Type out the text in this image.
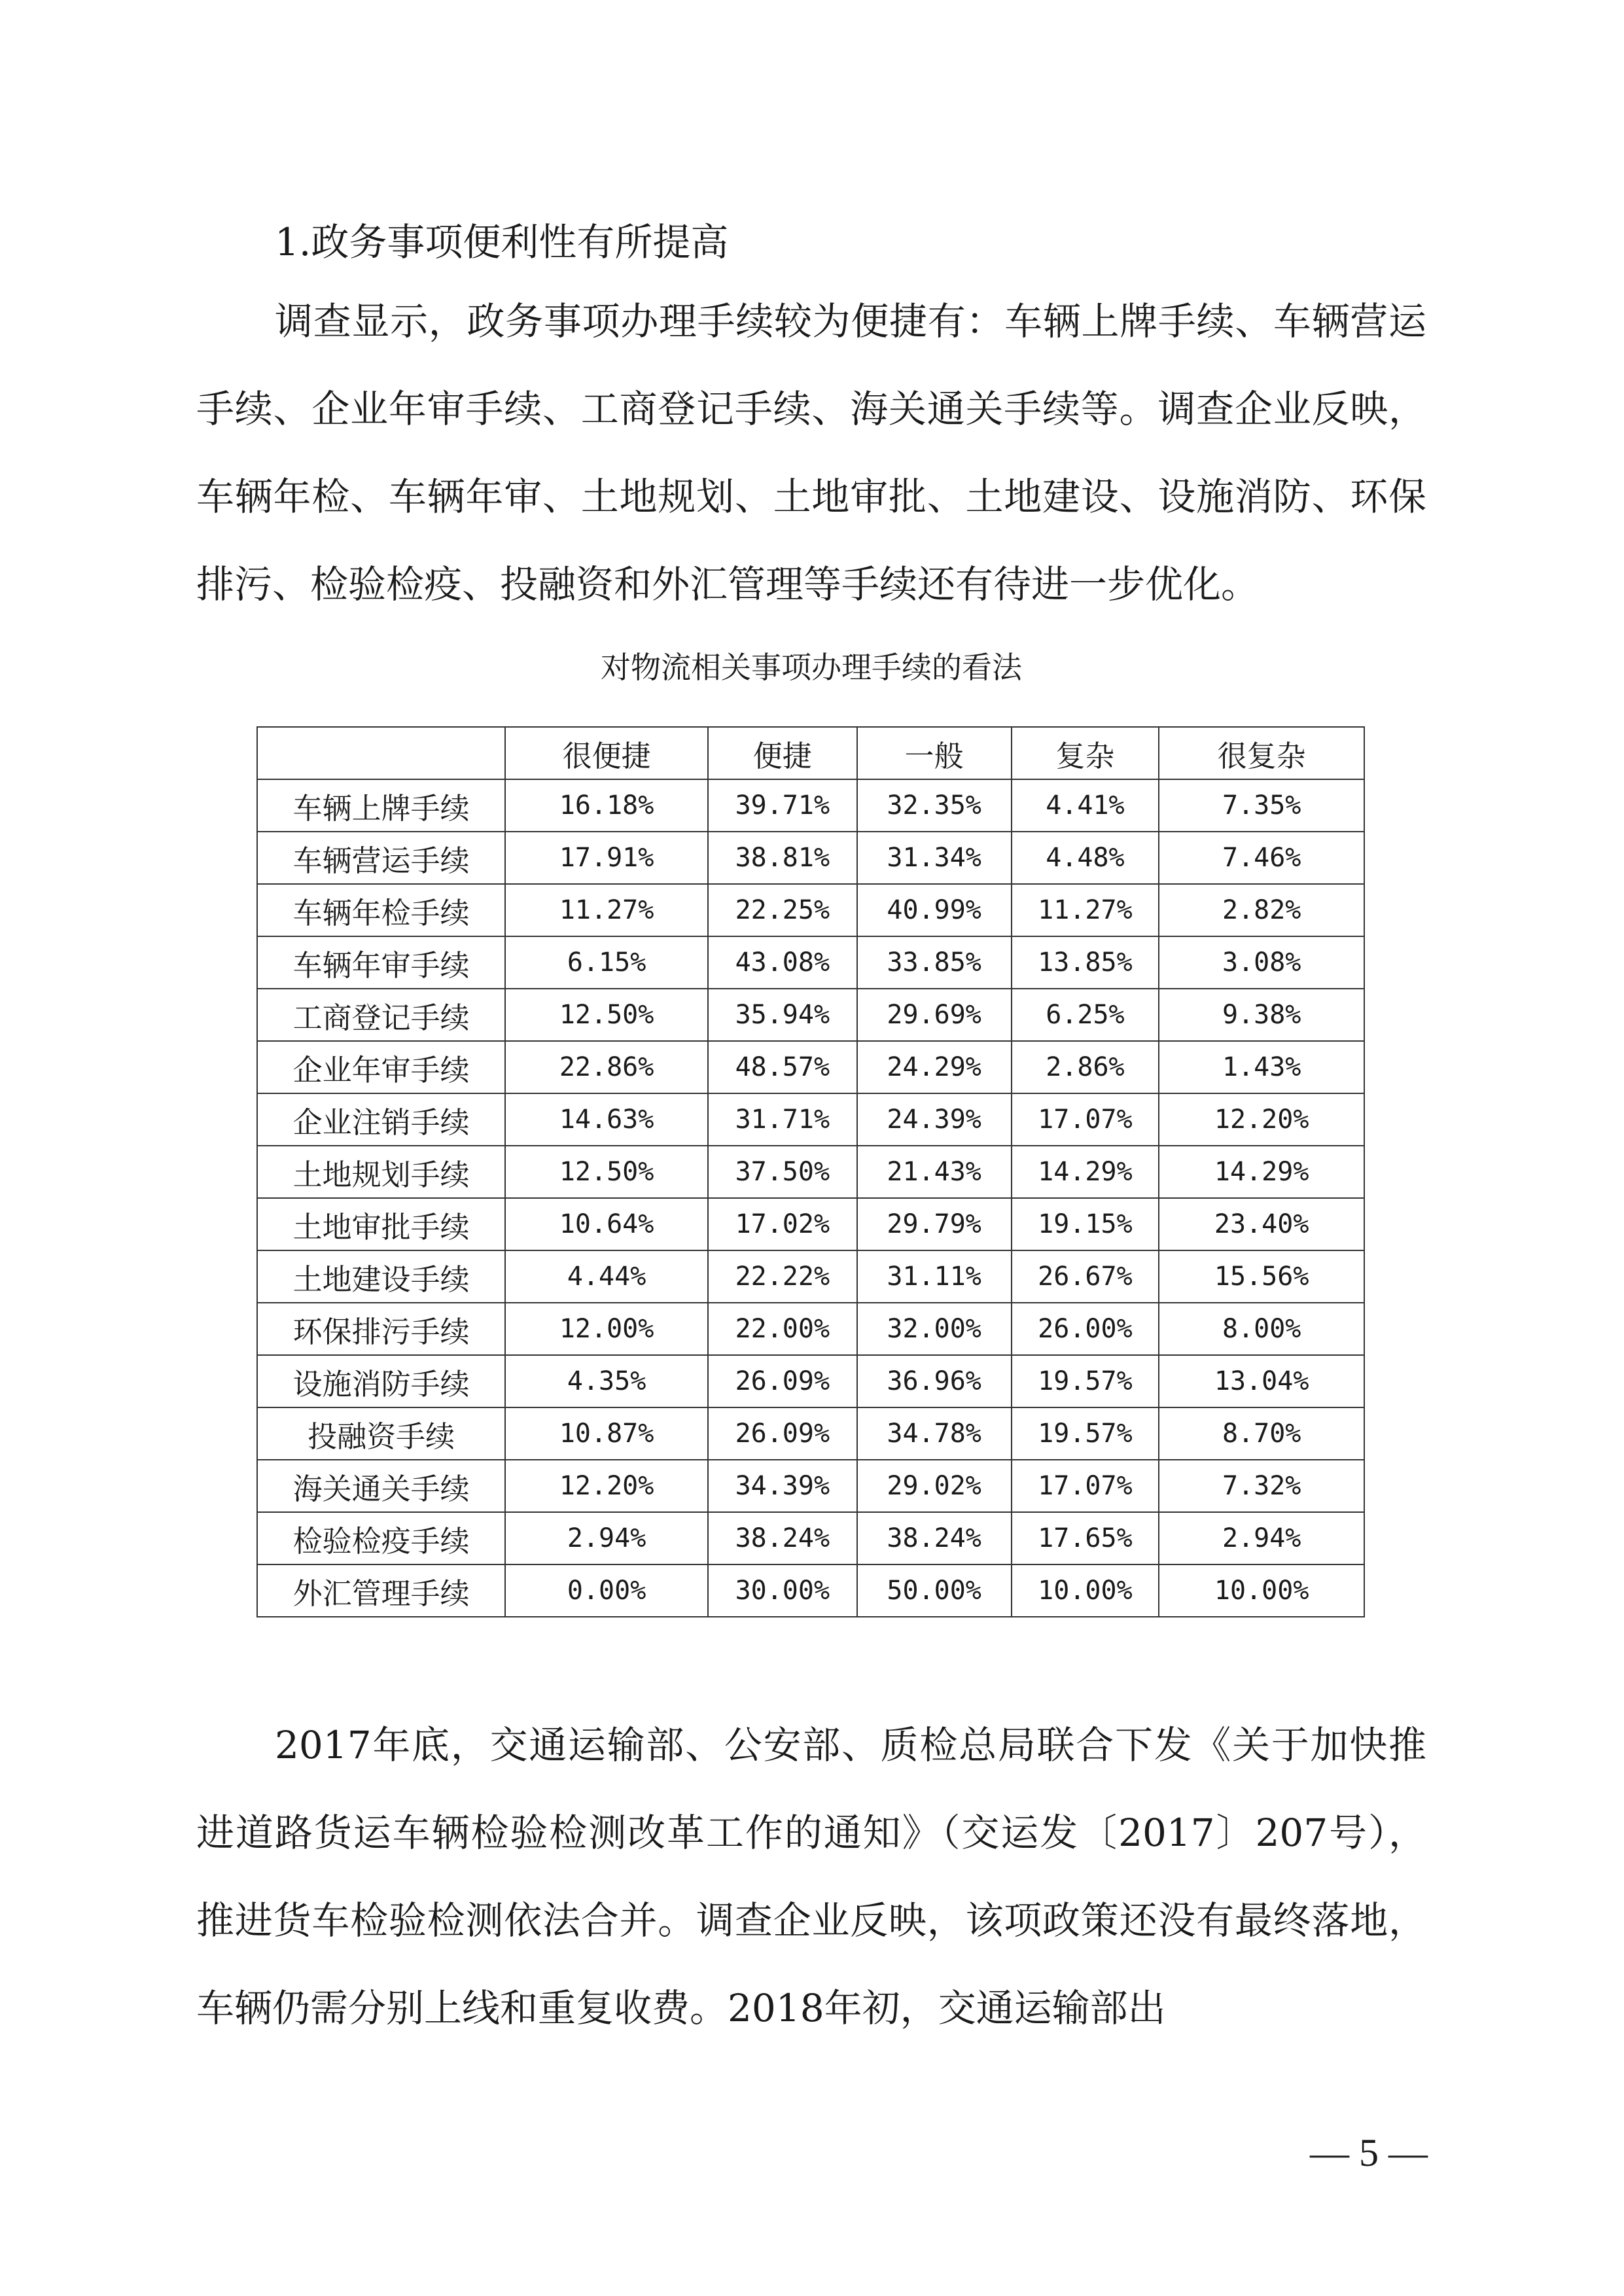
1.政务事项便利性有所提高

调查显示，政务事项办理手续较为便捷有：车辆上牌手续、车辆营运手续、企业年审手续、工商登记手续、海关通关手续等。调查企业反映，车辆年检、车辆年审、土地规划、土地审批、土地建设、设施消防、环保排污、检验检疫、投融资和外汇管理等手续还有待进一步优化。

对物流相关事项办理手续的看法
	很便捷	便捷	一般	复杂	很复杂
车辆上牌手续	16.18%	39.71%	32.35%	4.41%	7.35%
车辆营运手续	17.91%	38.81%	31.34%	4.48%	7.46%
车辆年检手续	11.27%	22.25%	40.99%	11.27%	2.82%
车辆年审手续	6.15%	43.08%	33.85%	13.85%	3.08%
工商登记手续	12.50%	35.94%	29.69%	6.25%	9.38%
企业年审手续	22.86%	48.57%	24.29%	2.86%	1.43%
企业注销手续	14.63%	31.71%	24.39%	17.07%	12.20%
土地规划手续	12.50%	37.50%	21.43%	14.29%	14.29%
土地审批手续	10.64%	17.02%	29.79%	19.15%	23.40%
土地建设手续	4.44%	22.22%	31.11%	26.67%	15.56%
环保排污手续	12.00%	22.00%	32.00%	26.00%	8.00%
设施消防手续	4.35%	26.09%	36.96%	19.57%	13.04%
投融资手续	10.87%	26.09%	34.78%	19.57%	8.70%
海关通关手续	12.20%	34.39%	29.02%	17.07%	7.32%
检验检疫手续	2.94%	38.24%	38.24%	17.65%	2.94%
外汇管理手续	0.00%	30.00%	50.00%	10.00%	10.00%

2017年底，交通运输部、公安部、质检总局联合下发《关于加快推进道路货运车辆检验检测改革工作的通知》（交运发〔2017〕207号），推进货车检验检测依法合并。调查企业反映，该项政策还没有最终落地，车辆仍需分别上线和重复收费。2018年初，交通运输部出

— 5 —
